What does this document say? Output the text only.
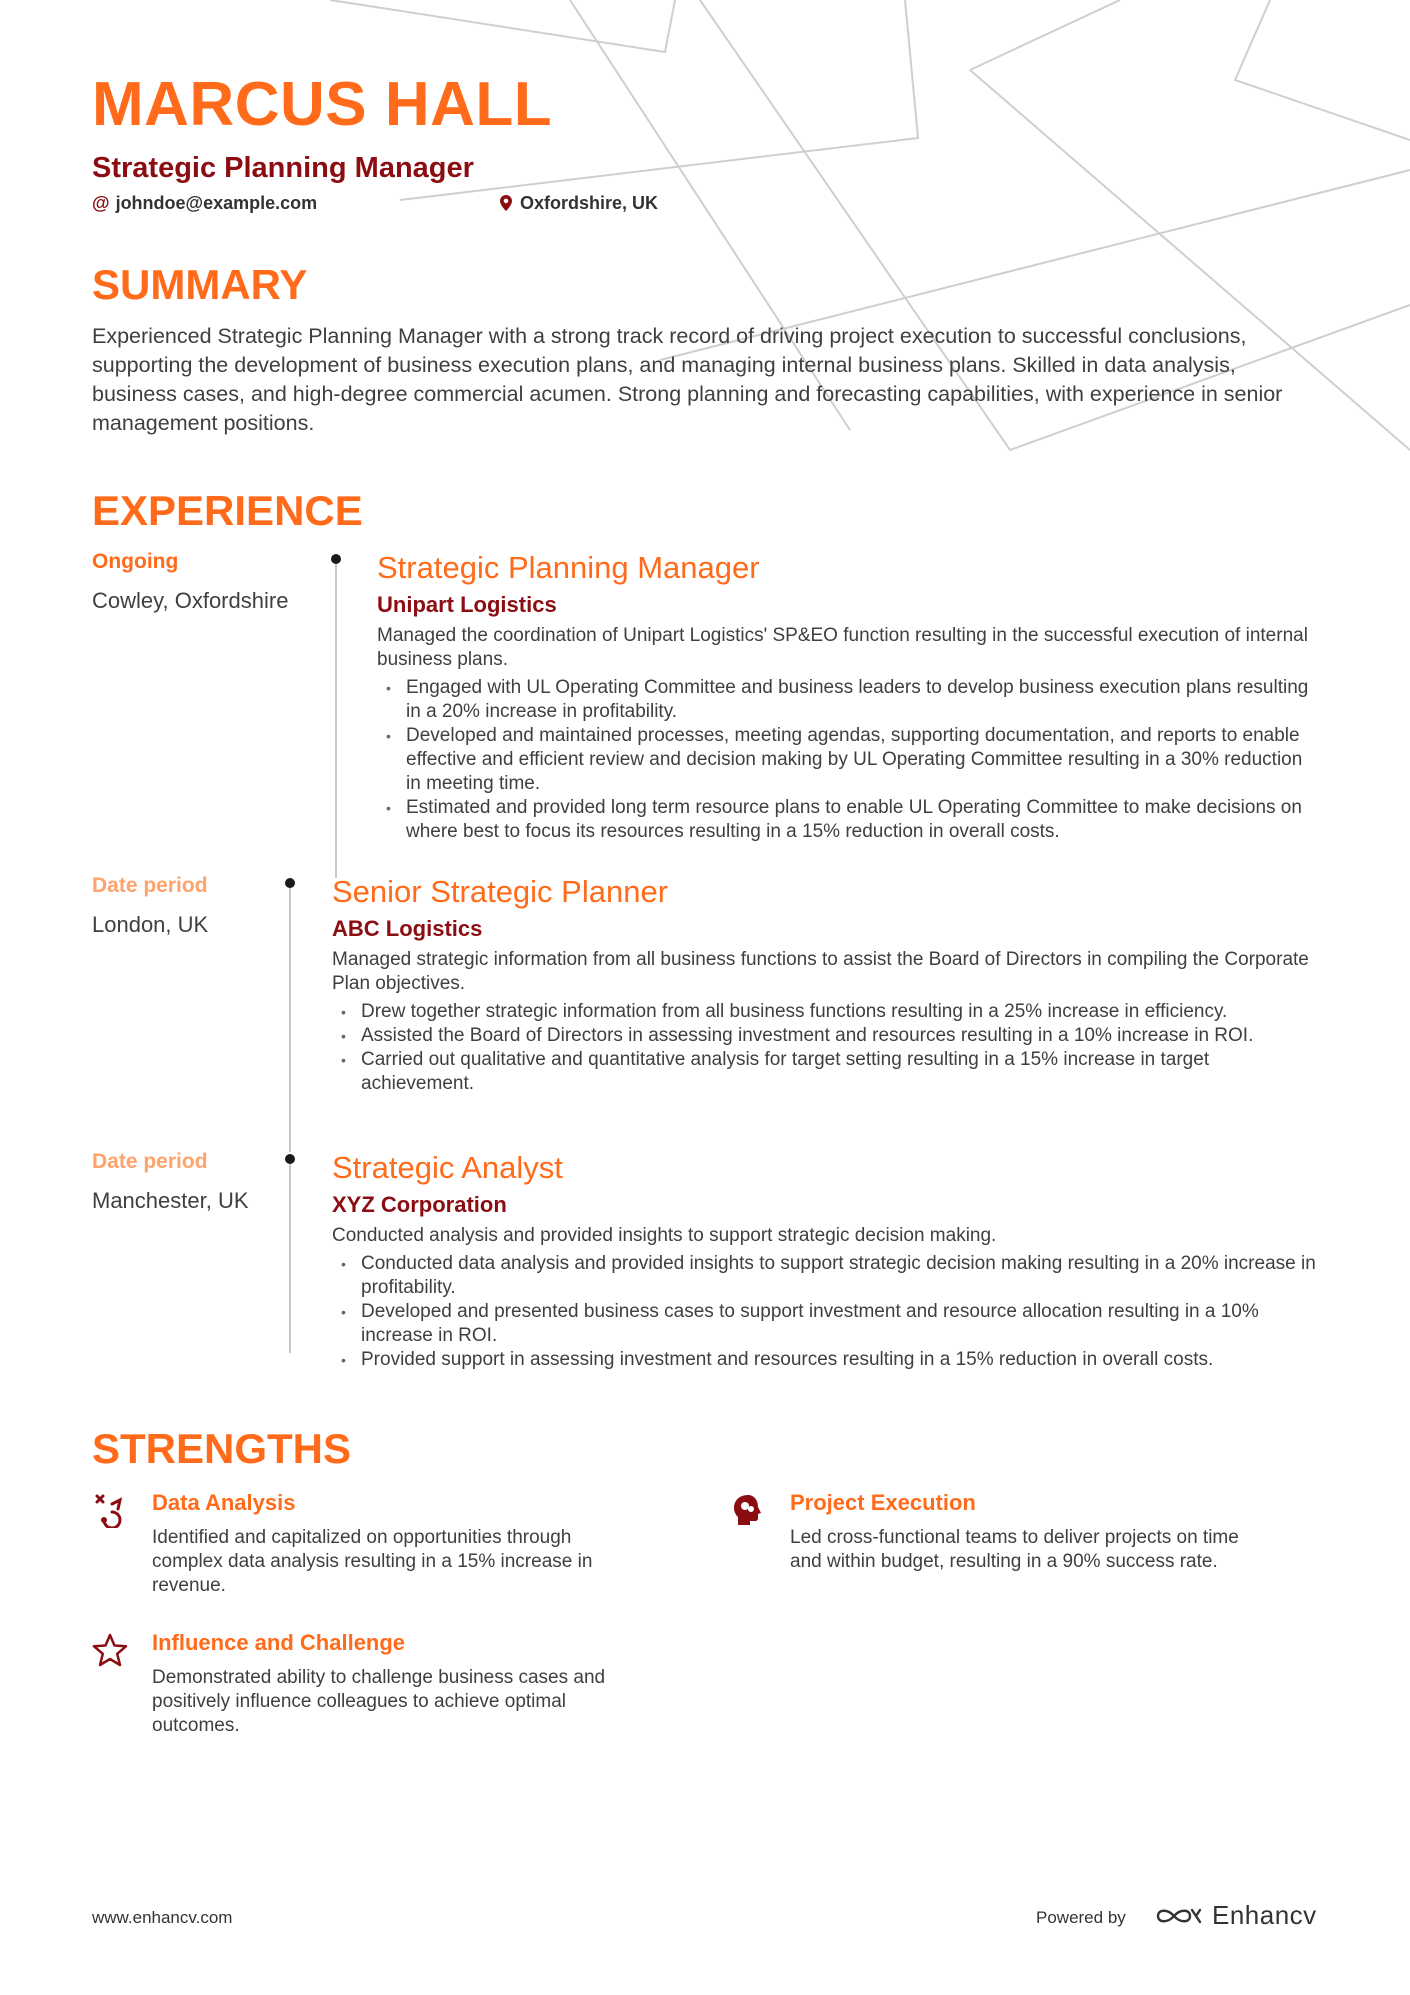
MARCUS HALL
Strategic Planning Manager
@ johndoe@example.com	Oxfordshire, UK
SUMMARY
Experienced Strategic Planning Manager with a strong track record of driving project execution to successful conclusions, supporting the development of business execution plans, and managing internal business plans. Skilled in data analysis, business cases, and high-degree commercial acumen. Strong planning and forecasting capabilities, with experience in senior management positions.
EXPERIENCE
Ongoing
Cowley, Oxfordshire
Strategic Planning Manager
Unipart Logistics
Managed the coordination of Unipart Logistics' SP&EO function resulting in the successful execution of internal business plans.
• Engaged with UL Operating Committee and business leaders to develop business execution plans resulting in a 20% increase in profitability.
• Developed and maintained processes, meeting agendas, supporting documentation, and reports to enable effective and efficient review and decision making by UL Operating Committee resulting in a 30% reduction in meeting time.
• Estimated and provided long term resource plans to enable UL Operating Committee to make decisions on where best to focus its resources resulting in a 15% reduction in overall costs.
Date period
London, UK
Senior Strategic Planner
ABC Logistics
Managed strategic information from all business functions to assist the Board of Directors in compiling the Corporate Plan objectives.
• Drew together strategic information from all business functions resulting in a 25% increase in efficiency.
• Assisted the Board of Directors in assessing investment and resources resulting in a 10% increase in ROI.
• Carried out qualitative and quantitative analysis for target setting resulting in a 15% increase in target achievement.
Date period
Manchester, UK
Strategic Analyst
XYZ Corporation
Conducted analysis and provided insights to support strategic decision making.
• Conducted data analysis and provided insights to support strategic decision making resulting in a 20% increase in profitability.
• Developed and presented business cases to support investment and resource allocation resulting in a 10% increase in ROI.
• Provided support in assessing investment and resources resulting in a 15% reduction in overall costs.
STRENGTHS
Data Analysis
Identified and capitalized on opportunities through complex data analysis resulting in a 15% increase in revenue.
Project Execution
Led cross-functional teams to deliver projects on time and within budget, resulting in a 90% success rate.
Influence and Challenge
Demonstrated ability to challenge business cases and positively influence colleagues to achieve optimal outcomes.
www.enhancv.com	Powered by	Enhancv
